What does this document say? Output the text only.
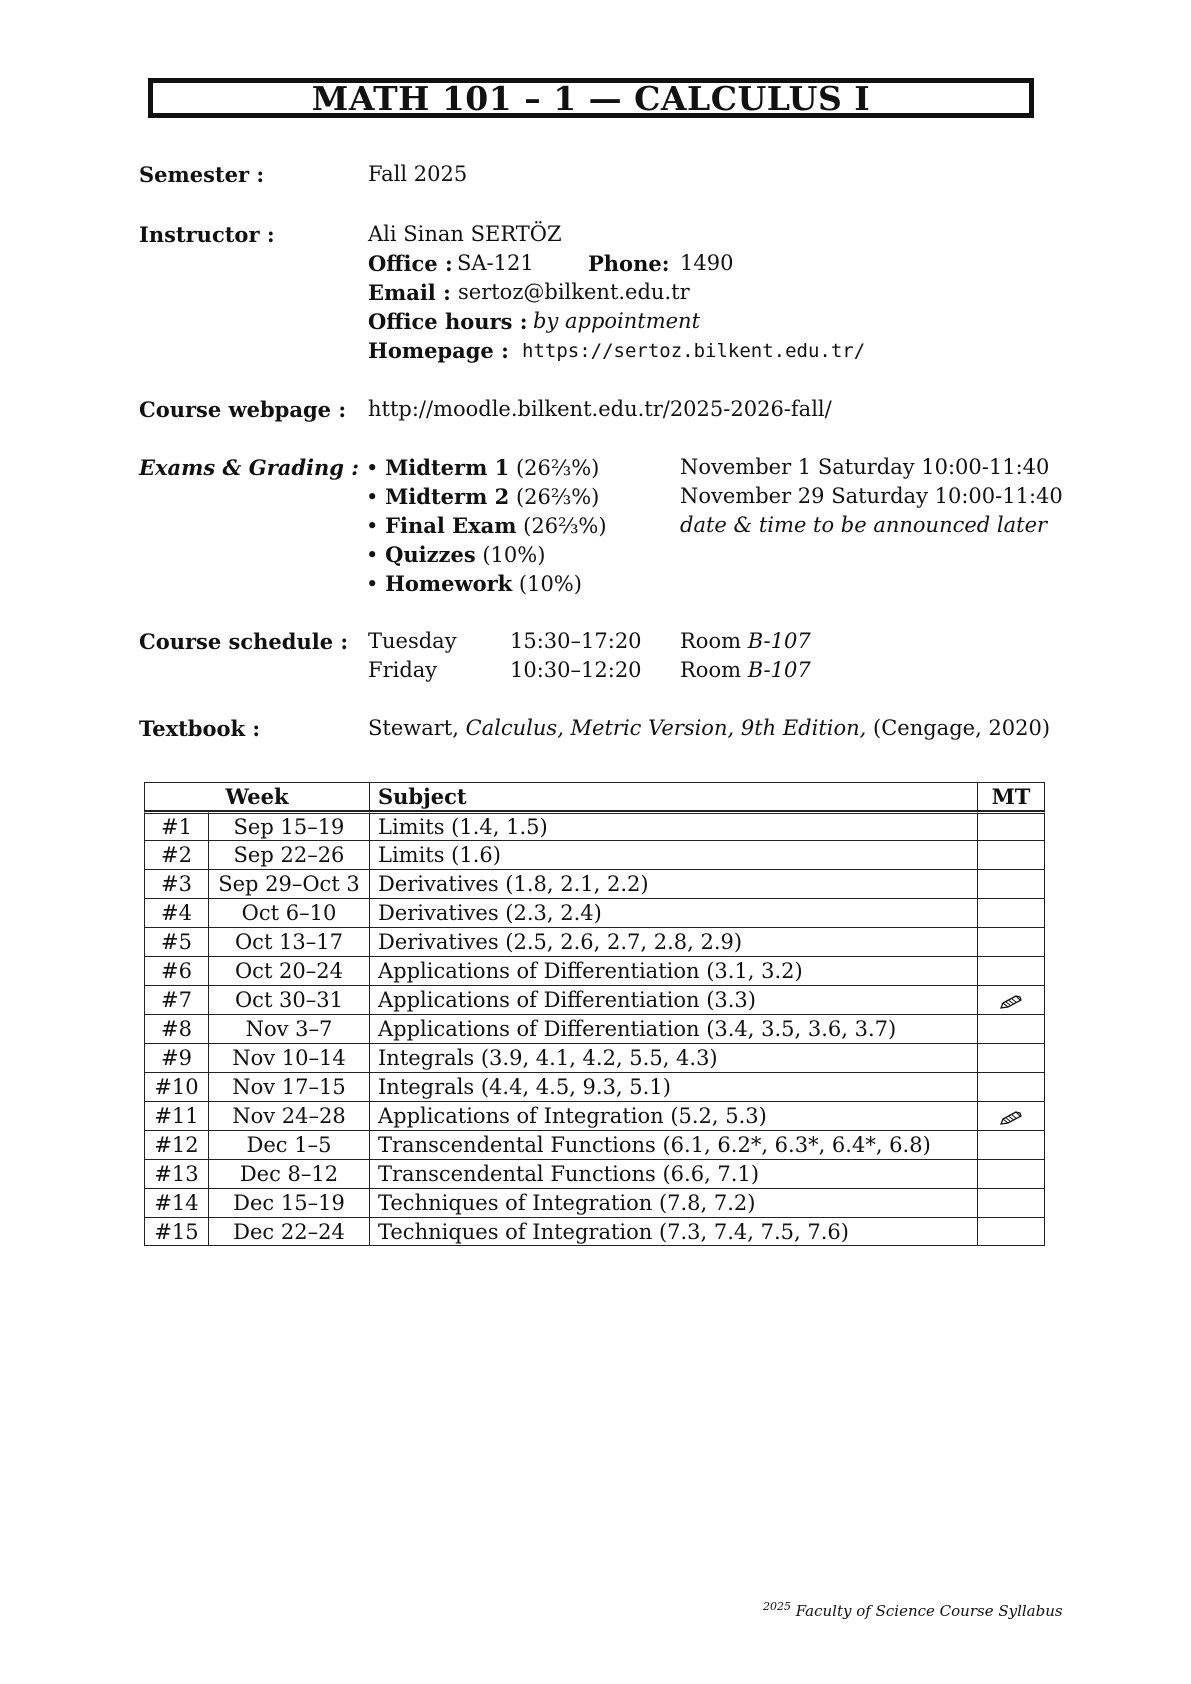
MATH 101 – 1 — CALCULUS I
Semester :	Fall 2025
Instructor :	Ali Sinan SERTÖZ
Office : SA-121	Phone: 1490
Email : sertoz@bilkent.edu.tr
Office hours : by appointment
Homepage : https://sertoz.bilkent.edu.tr/
Course webpage : http://moodle.bilkent.edu.tr/2025-2026-fall/
Exams & Grading : • Midterm 1 (26⅔%)	November 1 Saturday 10:00-11:40
• Midterm 2 (26⅔%)	November 29 Saturday 10:00-11:40
• Final Exam (26⅔%)	date & time to be announced later
• Quizzes (10%)
• Homework (10%)
Course schedule : Tuesday	15:30–17:20 Room B-107
Friday	10:30–12:20 Room B-107
Textbook :	Stewart, Calculus, Metric Version, 9th Edition, (Cengage, 2020)
Week		Subject	MT
#1	Sep 15–19	Limits (1.4, 1.5)	
#2	Sep 22–26	Limits (1.6)	
#3	Sep 29–Oct 3	Derivatives (1.8, 2.1, 2.2)	
#4	Oct 6–10	Derivatives (2.3, 2.4)	
#5	Oct 13–17	Derivatives (2.5, 2.6, 2.7, 2.8, 2.9)	
#6	Oct 20–24	Applications of Differentiation (3.1, 3.2)	
#7	Oct 30–31	Applications of Differentiation (3.3)	
#8	Nov 3–7	Applications of Differentiation (3.4, 3.5, 3.6, 3.7)	
#9	Nov 10–14	Integrals (3.9, 4.1, 4.2, 5.5, 4.3)	
#10	Nov 17–15	Integrals (4.4, 4.5, 9.3, 5.1)	
#11	Nov 24–28	Applications of Integration (5.2, 5.3)	
#12	Dec 1–5	Transcendental Functions (6.1, 6.2*, 6.3*, 6.4*, 6.8)	
#13	Dec 8–12	Transcendental Functions (6.6, 7.1)	
#14	Dec 15–19	Techniques of Integration (7.8, 7.2)	
#15	Dec 22–24	Techniques of Integration (7.3, 7.4, 7.5, 7.6)	
$^{2025}$ Faculty of Science Course Syllabus
